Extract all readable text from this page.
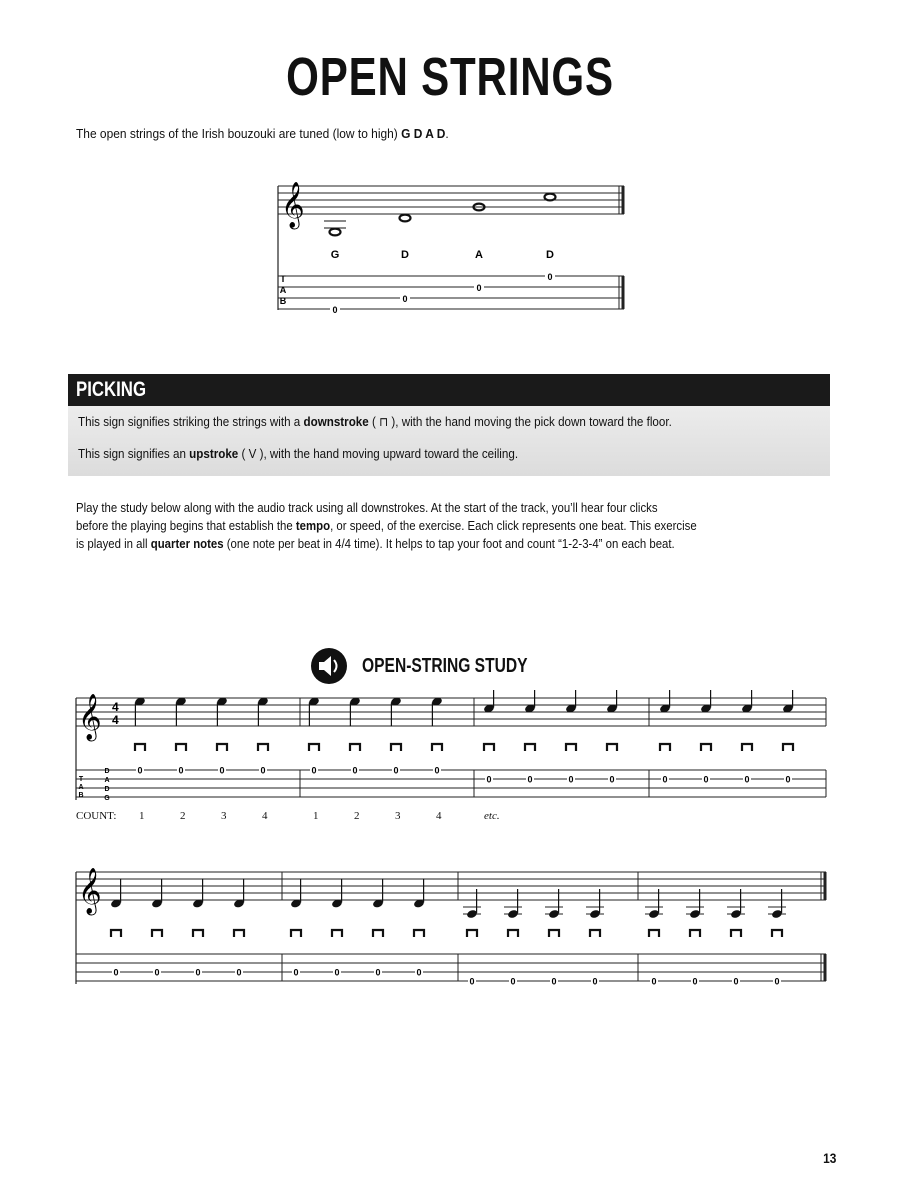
OPEN STRINGS
The open strings of the Irish bouzouki are tuned (low to high) G D A D.
𝄞
G	D	A	D
T
A
B
0
0
0
0
PICKING

This sign signifies striking the strings with a downstroke ( ⊓ ), with the hand moving the pick down toward the floor.

This sign signifies an upstroke ( V ), with the hand moving upward toward the ceiling.

Play the study below along with the audio track using all downstrokes. At the start of the track, you’ll hear four clicks

before the playing begins that establish the tempo, or speed, of the exercise. Each click represents one beat. This exercise

is played in all quarter notes (one note per beat in 4/4 time). It helps to tap your foot and count “1-2-3-4” on each beat.

OPEN-STRING STUDY
𝄞 4
4
T
A
B
D
A
D
G
0	0	0	0	0	0	0	0
0	0	0	0	0	0	0	0
COUNT: 1	2	3	4	1	2	3	4	etc.
𝄞
0	0	0	0	0	0	0	0
0	0	0	0	0	0	0	0
13
